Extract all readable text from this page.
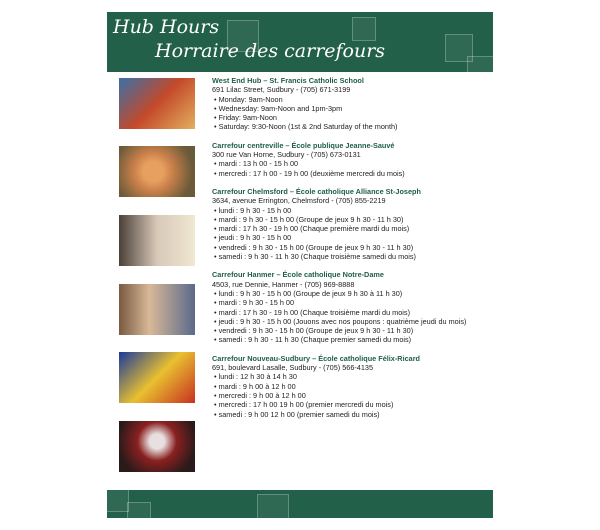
Hub Hours
Horraire des carrefours
West End Hub – St. Francis Catholic School
691 Lilac Street, Sudbury - (705) 671-3199
• Monday: 9am-Noon
• Wednesday: 9am-Noon and 1pm-3pm
• Friday: 9am-Noon
• Saturday: 9:30-Noon (1st & 2nd Saturday of the month)
Carrefour centreville – École publique Jeanne-Sauvé
300 rue Van Horne, Sudbury - (705) 673-0131
• mardi : 13 h 00 - 15 h 00
• mercredi : 17 h 00 - 19 h 00 (deuxième mercredi du mois)
Carrefour Chelmsford – École catholique Alliance St-Joseph
3634, avenue Errington, Chelmsford - (705) 855-2219
• lundi : 9 h 30 - 15 h 00
• mardi : 9 h 30 - 15 h 00 (Groupe de jeux 9 h 30 - 11 h 30)
• mardi : 17 h 30 - 19 h 00 (Chaque première mardi du mois)
• jeudi : 9 h 30 - 15 h 00
• vendredi : 9 h 30 - 15 h 00 (Groupe de jeux 9 h 30 - 11 h 30)
• samedi : 9 h 30 - 11 h 30 (Chaque troisième samedi du mois)
Carrefour Hanmer – École catholique Notre-Dame
4503, rue Dennie, Hanmer - (705) 969-8888
• lundi : 9 h 30 - 15 h 00 (Groupe de jeux 9 h 30 à 11 h 30)
• mardi : 9 h 30 - 15 h 00
• mardi : 17 h 30 - 19 h 00 (Chaque troisième mardi du mois)
• jeudi : 9 h 30 - 15 h 00 (Jouons avec nos poupons : quatrième jeudi du mois)
• vendredi : 9 h 30 - 15 h 00 (Groupe de jeux 9 h 30 - 11 h 30)
• samedi : 9 h 30 - 11 h 30 (Chaque premier samedi du mois)
Carrefour Nouveau-Sudbury – École catholique Félix-Ricard
691, boulevard Lasalle, Sudbury - (705) 566-4135
• lundi : 12 h 30 à 14 h 30
• mardi : 9 h 00 à 12 h 00
• mercredi : 9 h 00 à 12 h 00
• mercredi : 17 h 00 19 h 00 (premier mercredi du mois)
• samedi : 9 h 00 12 h 00 (premier samedi du mois)
